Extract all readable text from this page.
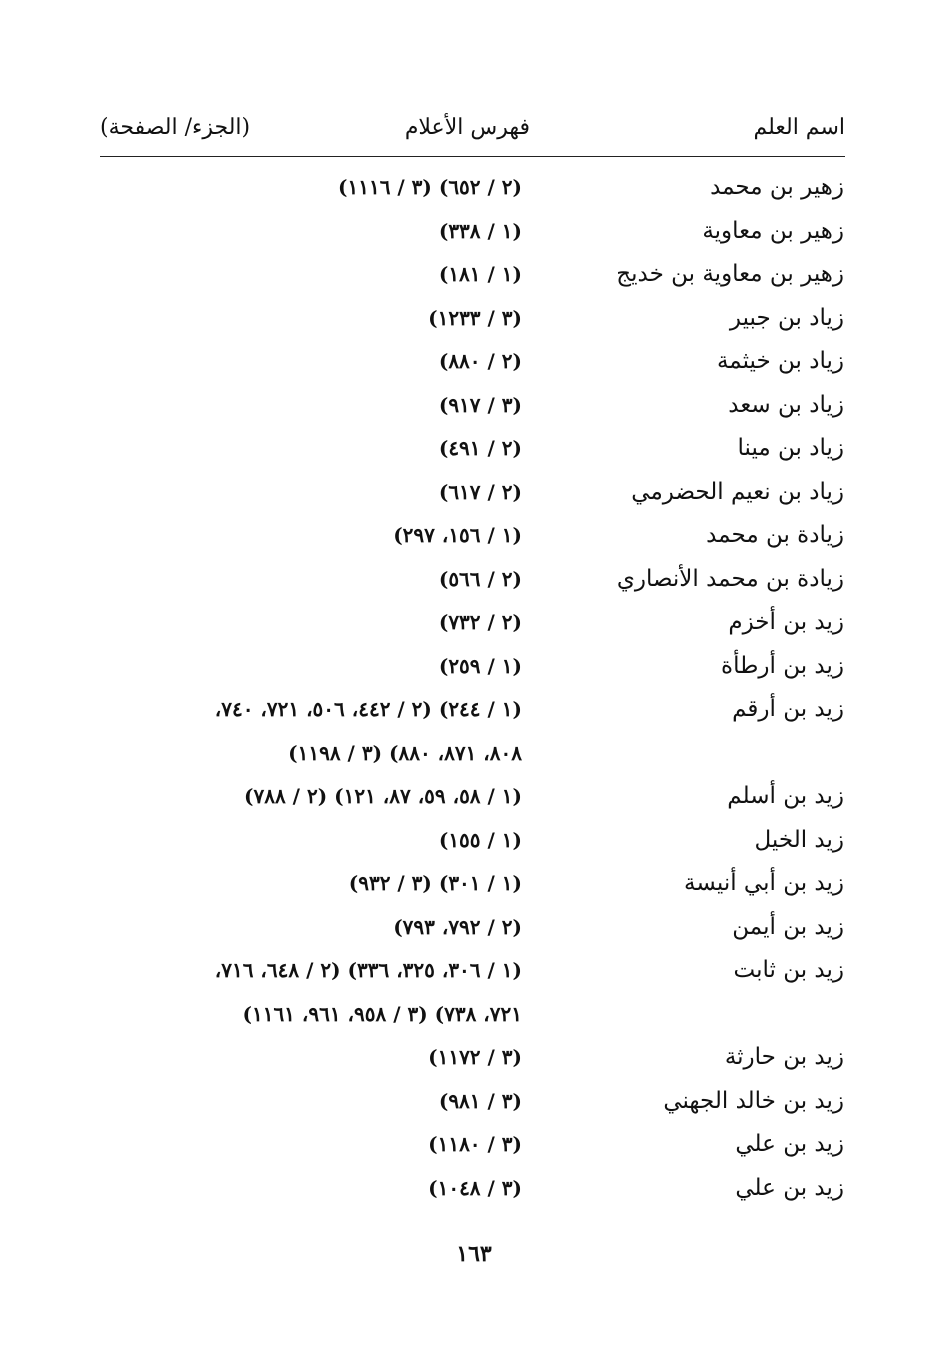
اسم العلم
فهرس الأعلام
(الجزء/ الصفحة)
زهير بن محمد
(٢ / ٦٥٢) (٣ / ١١١٦)
زهير بن معاوية
(١ / ٣٣٨)
زهير بن معاوية بن خديج
(١ / ١٨١)
زياد بن جبير
(٣ / ١٢٣٣)
زياد بن خيثمة
(٢ / ٨٨٠)
زياد بن سعد
(٣ / ٩١٧)
زياد بن مينا
(٢ / ٤٩١)
زياد بن نعيم الحضرمي
(٢ / ٦١٧)
زيادة بن محمد
(١ / ١٥٦، ٢٩٧)
زيادة بن محمد الأنصاري
(٢ / ٥٦٦)
زيد بن أخزم
(٢ / ٧٣٢)
زيد بن أرطأة
(١ / ٢٥٩)
زيد بن أرقم
(١ / ٢٤٤) (٢ / ٤٤٢، ٥٠٦، ٧٢١، ٧٤٠،
٨٠٨، ٨٧١، ٨٨٠) (٣ / ١١٩٨)
زيد بن أسلم
(١ / ٥٨، ٥٩، ٨٧، ١٢١) (٢ / ٧٨٨)
زيد الخيل
(١ / ١٥٥)
زيد بن أبي أنيسة
(١ / ٣٠١) (٣ / ٩٣٢)
زيد بن أيمن
(٢ / ٧٩٢، ٧٩٣)
زيد بن ثابت
(١ / ٣٠٦، ٣٢٥، ٣٣٦) (٢ / ٦٤٨، ٧١٦،
٧٢١، ٧٣٨) (٣ / ٩٥٨، ٩٦١، ١١٦١)
زيد بن حارثة
(٣ / ١١٧٢)
زيد بن خالد الجهني
(٣ / ٩٨١)
زيد بن علي
(٣ / ١١٨٠)
زيد بن علي
(٣ / ١٠٤٨)
١٦٣
